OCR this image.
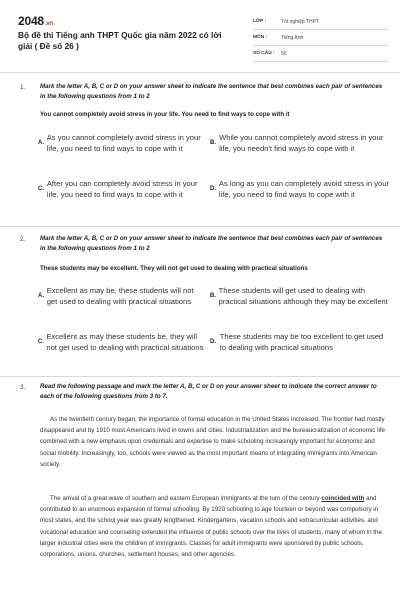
2048.vn
Bộ đề thi Tiếng anh THPT Quốc gia năm 2022 có lời giải ( Đề số 26 )
LỚP :	Tốt nghiệp THPT
MÔN :	Tiếng Anh
SỐ CÂU :	50
1. Mark the letter A, B, C or D on your answer sheet to indicate the sentence that best combines each pair of sentences in the following questions from 1 to 2
You cannot completely avoid stress in your life. You need to find ways to cope with it
A.
As you cannot completely avoid stress in your life, you need to find ways to cope with it
B.
While you cannot completely avoid stress in your life, you needn't find ways to cope with it
C.
After you can completely avoid stress in your life, you need to find ways to cope with it
D.
As long as you can completely avoid stress in your life, you need to find ways to cope with it
2. Mark the letter A, B, C or D on your answer sheet to indicate the sentence that best combines each pair of sentences in the following questions from 1 to 2
These students may be excellent. They will not get used to dealing with practical situations
A.
Excellent as may be, these students will not get used to dealing with practical situations
B.
These students will get used to dealing with practical situations although they may be excellent
C.
Excellent as may these students be, they will not get used to dealing with practical situations
D.
These students may be too excellent to get used to dealing with practical situations
3. Read the following passage and mark the letter A, B, C or D on your answer sheet to indicate the correct answer to each of the following questions from 3 to 7.
As the twentieth century began, the importance of formal education in the United States increased. The frontier had mostly disappeared and by 1910 most Americans lived in towns and cities. Industrialization and the bureaucratization of economic life combined with a new emphasis upon credentials and expertise to make schooling increasingly important for economic and social mobility. Increasingly, too, schools were viewed as the most important means of integrating immigrants into American society.
The arrival of a great wave of southern and eastern European immigrants at the turn of the century coincided with and contributed to an enormous expansion of formal schooling. By 1920 schooling to age fourteen or beyond was compulsory in most states, and the school year was greatly lengthened. Kindergartens, vacation schools and extracurricular activities, and vocational education and counseling extended the influence of public schools over the lives of students, many of whom in the larger industrial cities were the children of immigrants. Classes for adult immigrants were sponsored by public schools, corporations, unions, churches, settlement houses, and other agencies.
